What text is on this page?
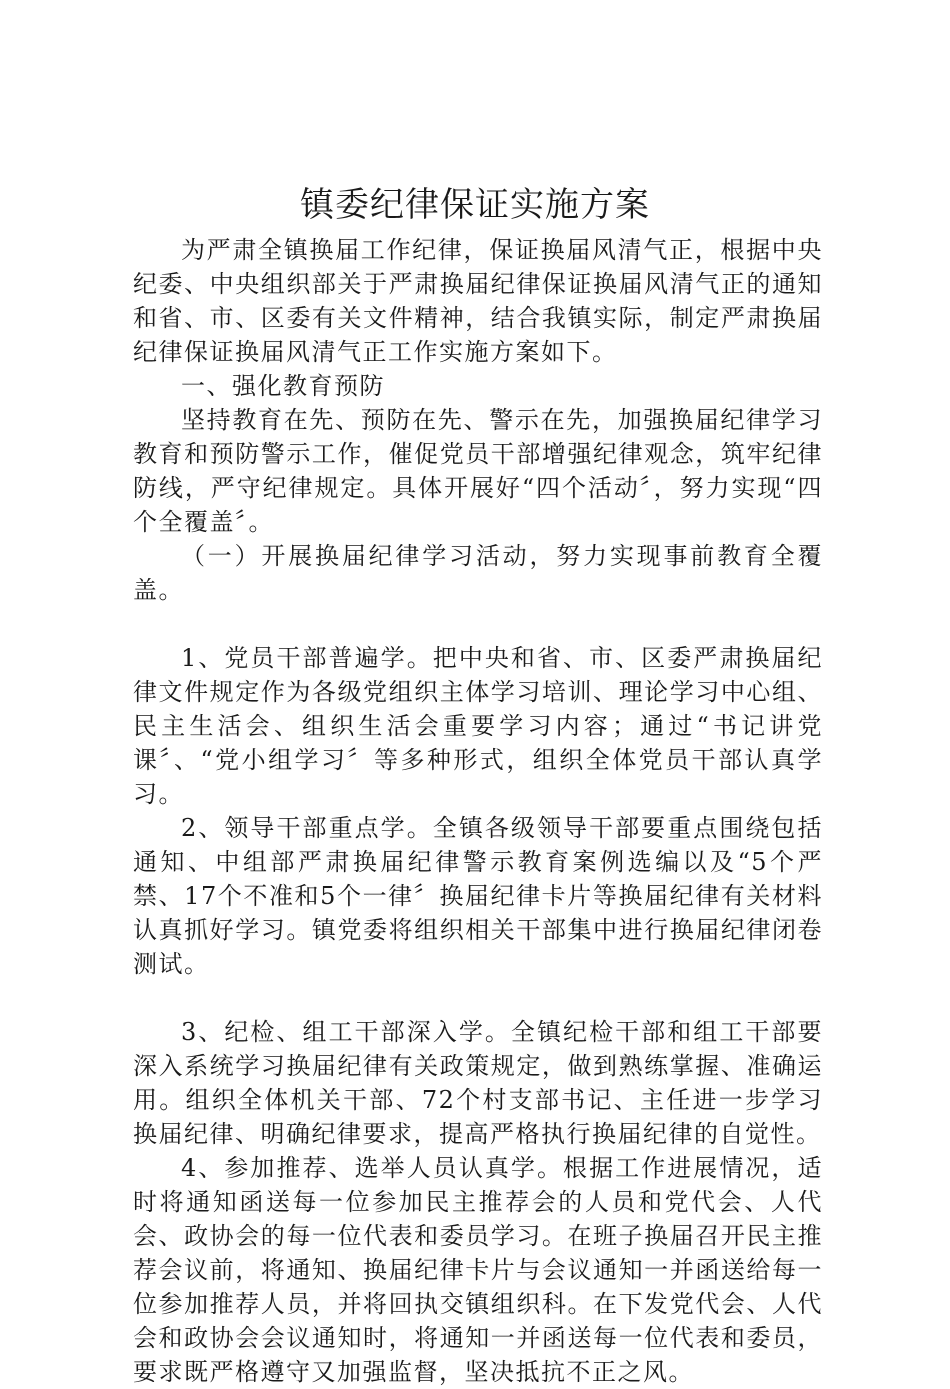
镇委纪律保证实施方案

为严肃全镇换届工作纪律，保证换届风清气正，根据中央纪委、中央组织部关于严肃换届纪律保证换届风清气正的通知和省、市、区委有关文件精神，结合我镇实际，制定严肃换届纪律保证换届风清气正工作实施方案如下。

一、强化教育预防

坚持教育在先、预防在先、警示在先，加强换届纪律学习教育和预防警示工作，催促党员干部增强纪律观念，筑牢纪律防线，严守纪律规定。具体开展好“四个活动〞，努力实现“四个全覆盖〞。

（一）开展换届纪律学习活动，努力实现事前教育全覆盖。

1、党员干部普遍学。把中央和省、市、区委严肃换届纪律文件规定作为各级党组织主体学习培训、理论学习中心组、民主生活会、组织生活会重要学习内容；通过“书记讲党课〞、“党小组学习〞等多种形式，组织全体党员干部认真学习。

2、领导干部重点学。全镇各级领导干部要重点围绕包括通知、中组部严肃换届纪律警示教育案例选编以及“5个严禁、17个不准和5个一律〞换届纪律卡片等换届纪律有关材料认真抓好学习。镇党委将组织相关干部集中进行换届纪律闭卷测试。

3、纪检、组工干部深入学。全镇纪检干部和组工干部要深入系统学习换届纪律有关政策规定，做到熟练掌握、准确运用。组织全体机关干部、72个村支部书记、主任进一步学习换届纪律、明确纪律要求，提高严格执行换届纪律的自觉性。

4、参加推荐、选举人员认真学。根据工作进展情况，适时将通知函送每一位参加民主推荐会的人员和党代会、人代会、政协会的每一位代表和委员学习。在班子换届召开民主推荐会议前，将通知、换届纪律卡片与会议通知一并函送给每一位参加推荐人员，并将回执交镇组织科。在下发党代会、人代会和政协会会议通知时，将通知一并函送每一位代表和委员，要求既严格遵守又加强监督，坚决抵抗不正之风。
